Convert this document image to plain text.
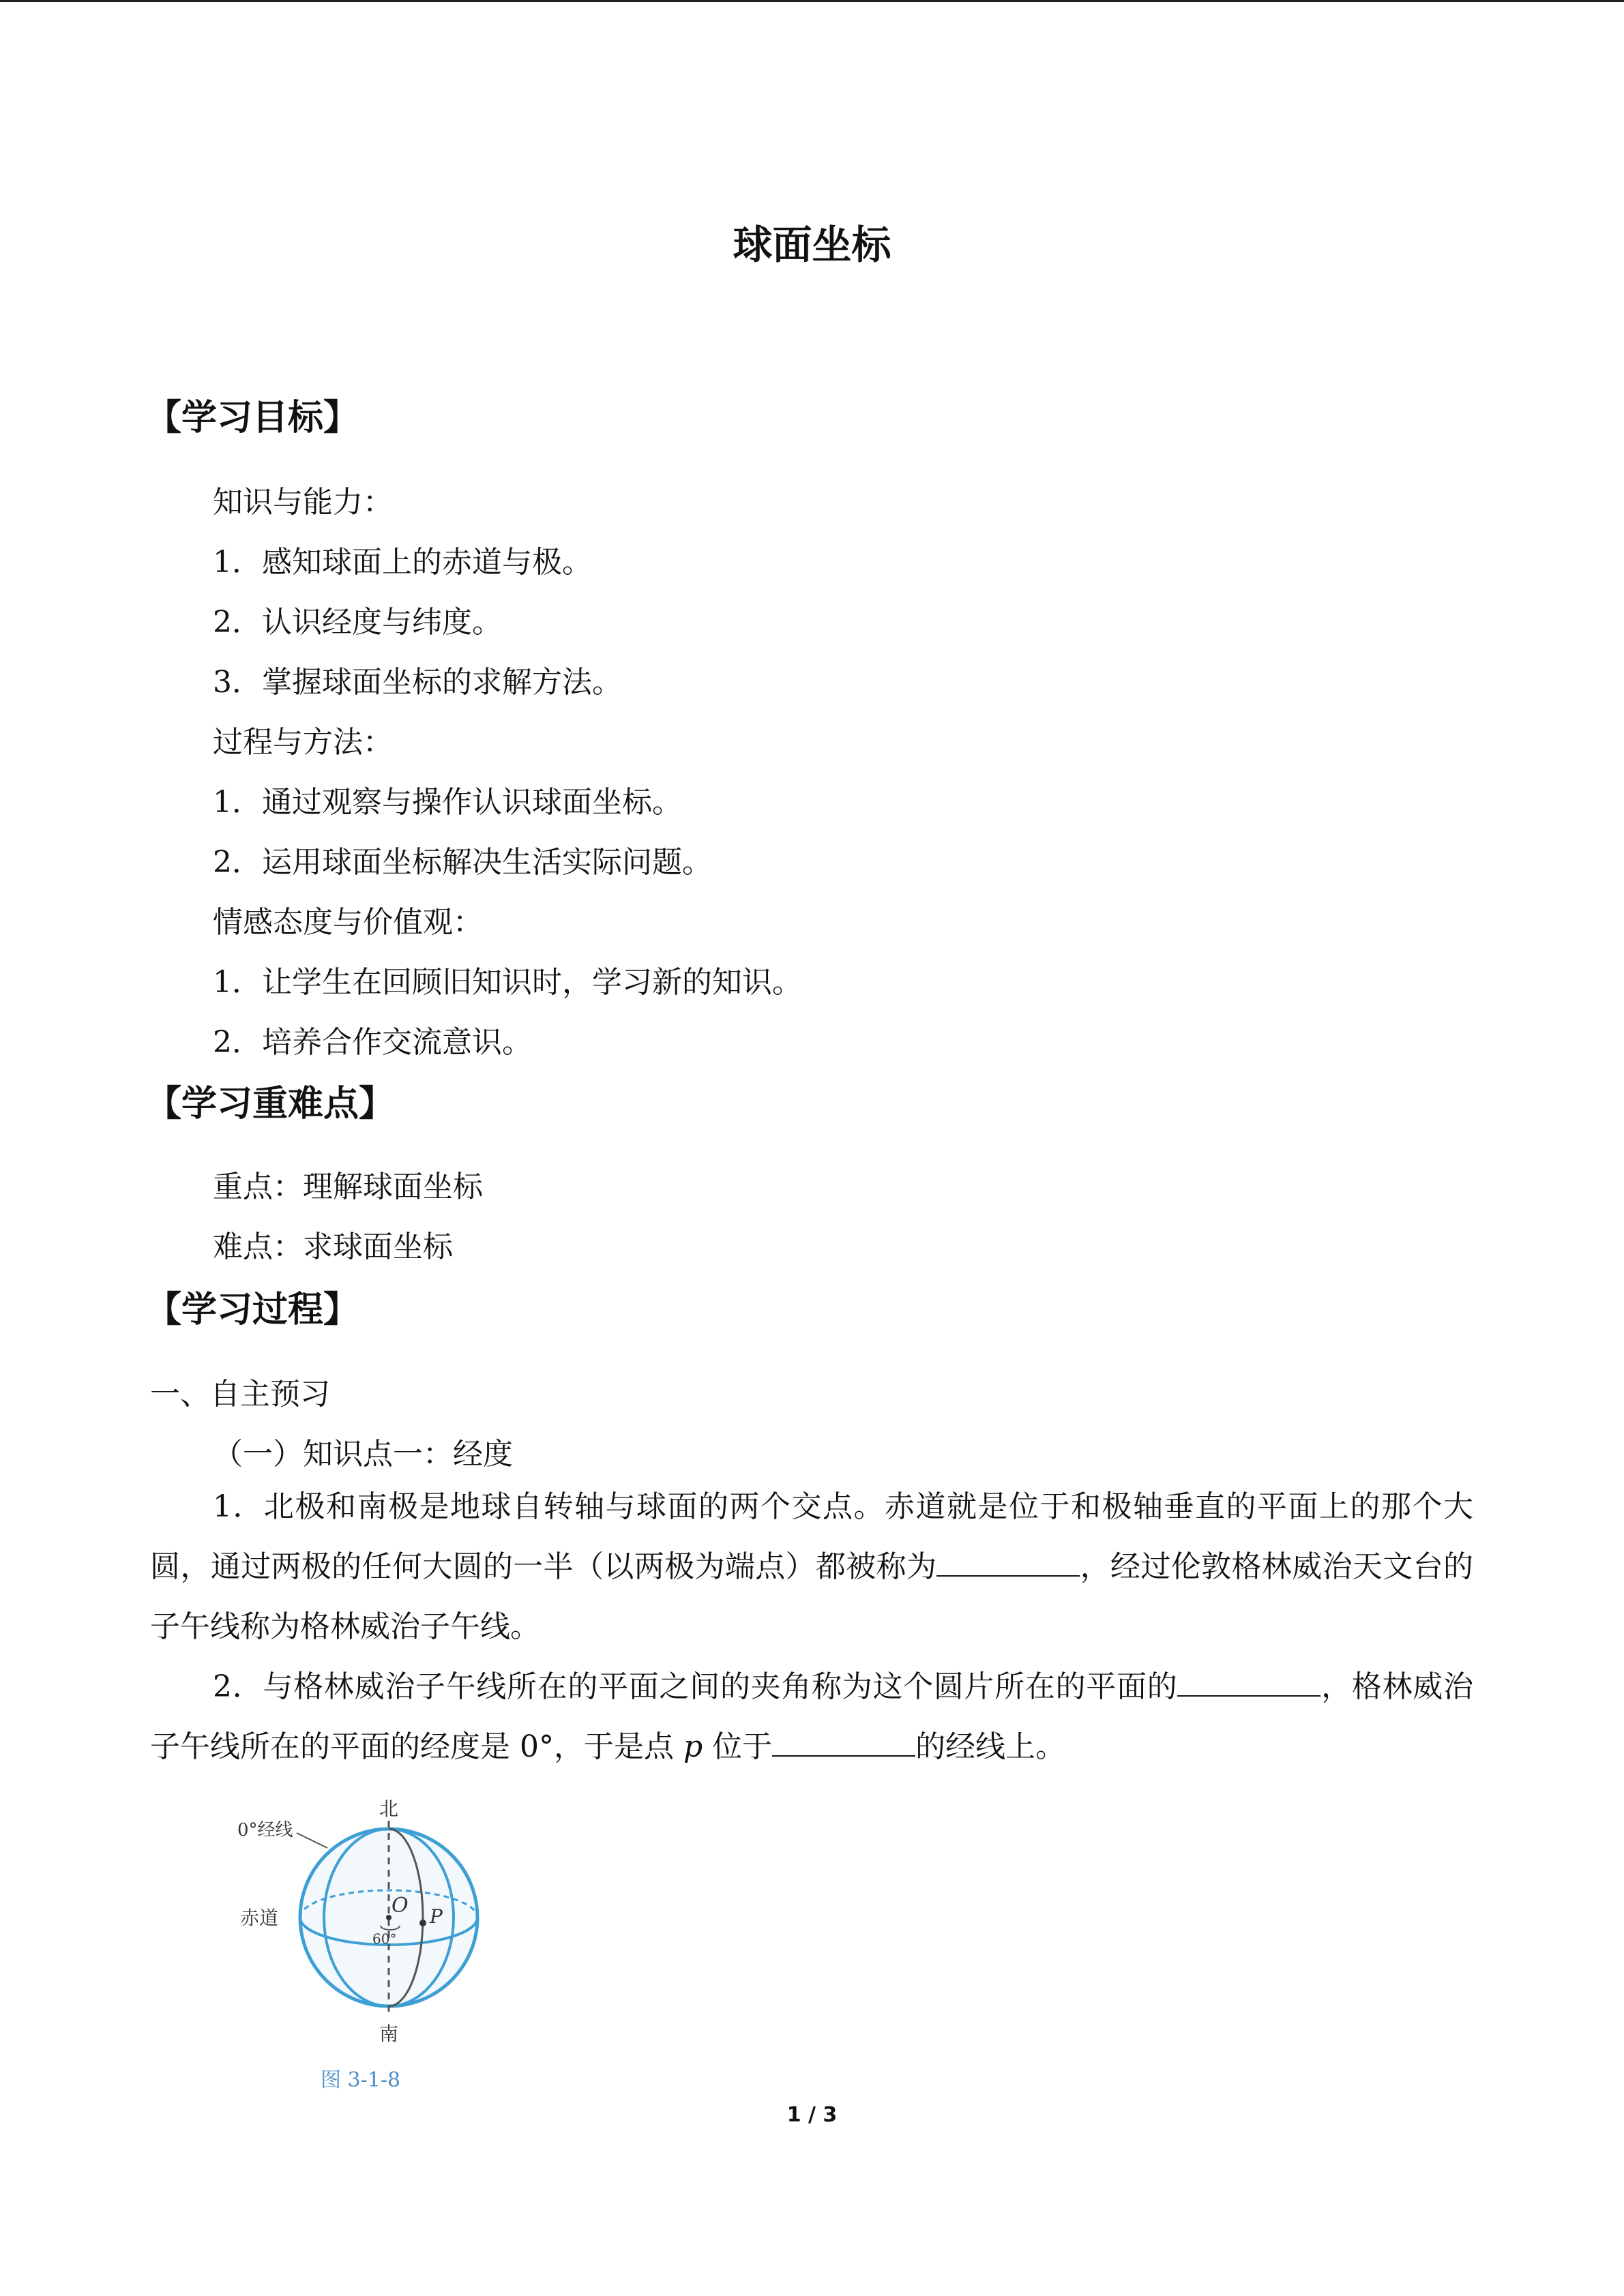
球面坐标
【学习目标】
知识与能力：
1．感知球面上的赤道与极。
2．认识经度与纬度。
3．掌握球面坐标的求解方法。
过程与方法：
1．通过观察与操作认识球面坐标。
2．运用球面坐标解决生活实际问题。
情感态度与价值观：
1．让学生在回顾旧知识时，学习新的知识。
2．培养合作交流意识。
【学习重难点】
重点：理解球面坐标
难点：求球面坐标
【学习过程】
一、自主预习
（一）知识点一：经度
1．北极和南极是地球自转轴与球面的两个交点。赤道就是位于和极轴垂直的平面上的那个大圆，通过两极的任何大圆的一半（以两极为端点）都被称为	，经过伦敦格林威治天文台的子午线称为格林威治子午线。
2．与格林威治子午线所在的平面之间的夹角称为这个圆片所在的平面的	，格林威治子午线所在的平面的经度是 0°，于是点 p 位于	的经线上。
北
南
0°经线
赤道
O P
60°
图 3-1-8
1 / 3
